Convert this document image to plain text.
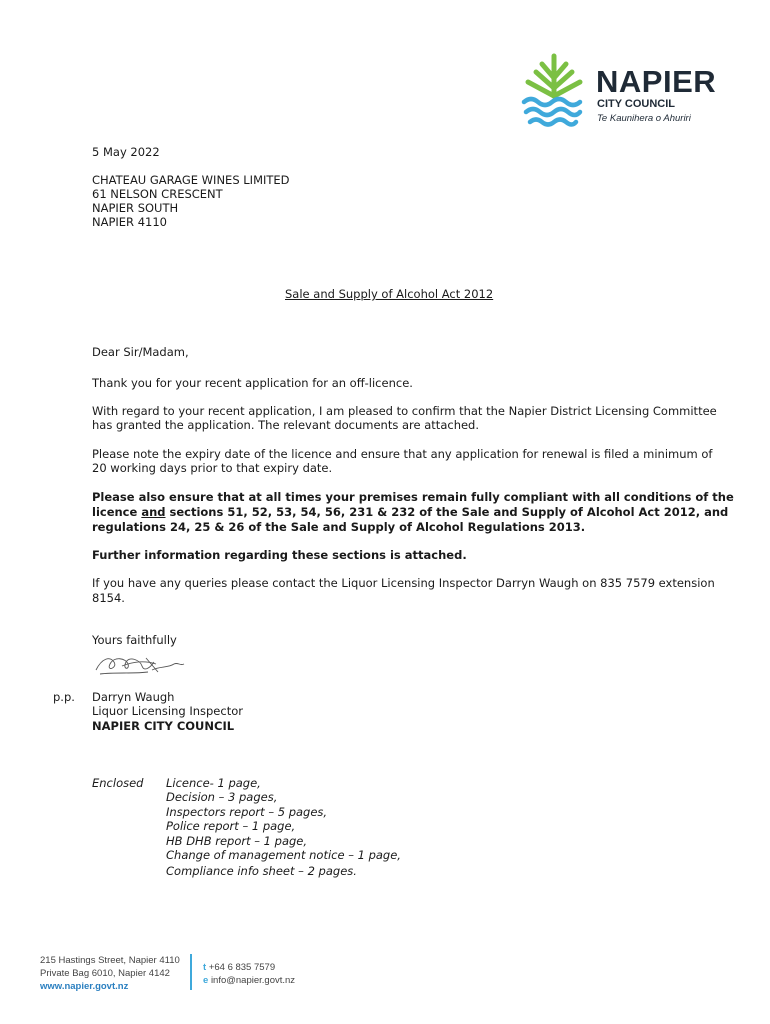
NAPIER
CITY COUNCIL
Te Kaunihera o Ahuriri
5 May 2022
CHATEAU GARAGE WINES LIMITED
61 NELSON CRESCENT
NAPIER SOUTH
NAPIER 4110
Sale and Supply of Alcohol Act 2012
Dear Sir/Madam,
Thank you for your recent application for an off-licence.
With regard to your recent application, I am pleased to confirm that the Napier District Licensing Committee
has granted the application. The relevant documents are attached.
Please note the expiry date of the licence and ensure that any application for renewal is filed a minimum of
20 working days prior to that expiry date.
Please also ensure that at all times your premises remain fully compliant with all conditions of the
licence and sections 51, 52, 53, 54, 56, 231 & 232 of the Sale and Supply of Alcohol Act 2012, and
regulations 24, 25 & 26 of the Sale and Supply of Alcohol Regulations 2013.
Further information regarding these sections is attached.
If you have any queries please contact the Liquor Licensing Inspector Darryn Waugh on 835 7579 extension
8154.
Yours faithfully
p.p. Darryn Waugh
Liquor Licensing Inspector
NAPIER CITY COUNCIL
Enclosed Licence- 1 page,
Decision – 3 pages,
Inspectors report – 5 pages,
Police report – 1 page,
HB DHB report – 1 page,
Change of management notice – 1 page,
Compliance info sheet – 2 pages.
215 Hastings Street, Napier 4110
Private Bag 6010, Napier 4142
www.napier.govt.nz
t +64 6 835 7579
e info@napier.govt.nz
